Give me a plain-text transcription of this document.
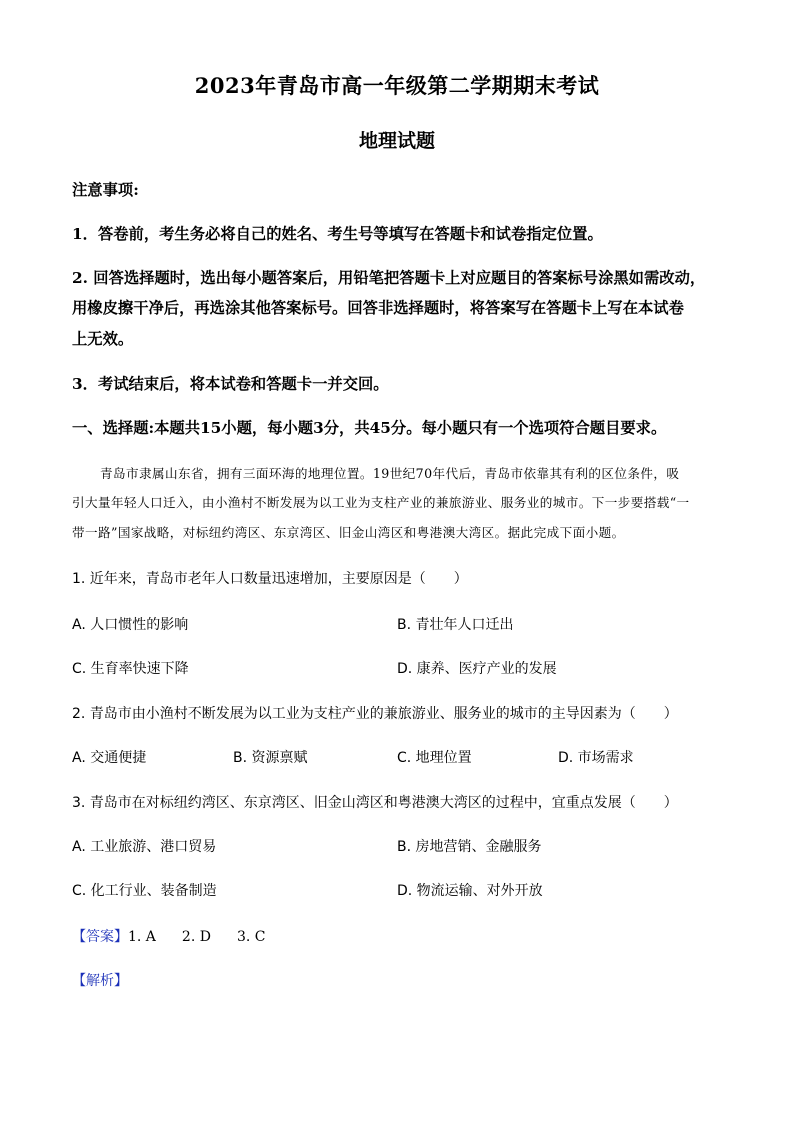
2023年青岛市高一年级第二学期期末考试
地理试题
注意事项:
1．答卷前，考生务必将自己的姓名、考生号等填写在答题卡和试卷指定位置。
2. 回答选择题时，选出每小题答案后，用铅笔把答题卡上对应题目的答案标号涂黑如需改动，
用橡皮擦干净后，再选涂其他答案标号。回答非选择题时，将答案写在答题卡上写在本试卷
上无效。
3．考试结束后，将本试卷和答题卡一并交回。
一、选择题:本题共15小题，每小题3分，共45分。每小题只有一个选项符合题目要求。
青岛市隶属山东省，拥有三面环海的地理位置。19世纪70年代后，青岛市依靠其有利的区位条件，吸
引大量年轻人口迁入，由小渔村不断发展为以工业为支柱产业的兼旅游业、服务业的城市。下一步要搭载“一
带一路”国家战略，对标纽约湾区、东京湾区、旧金山湾区和粤港澳大湾区。据此完成下面小题。
1. 近年来，青岛市老年人口数量迅速增加，主要原因是（　　）
A. 人口惯性的影响	B. 青壮年人口迁出
C. 生育率快速下降	D. 康养、医疗产业的发展
2. 青岛市由小渔村不断发展为以工业为支柱产业的兼旅游业、服务业的城市的主导因素为（　　）
A. 交通便捷	B. 资源禀赋	C. 地理位置	D. 市场需求
3. 青岛市在对标纽约湾区、东京湾区、旧金山湾区和粤港澳大湾区的过程中，宜重点发展（　　）
A. 工业旅游、港口贸易	B. 房地营销、金融服务
C. 化工行业、装备制造	D. 物流运输、对外开放
【答案】1. A 2. D 3. C
【解析】
